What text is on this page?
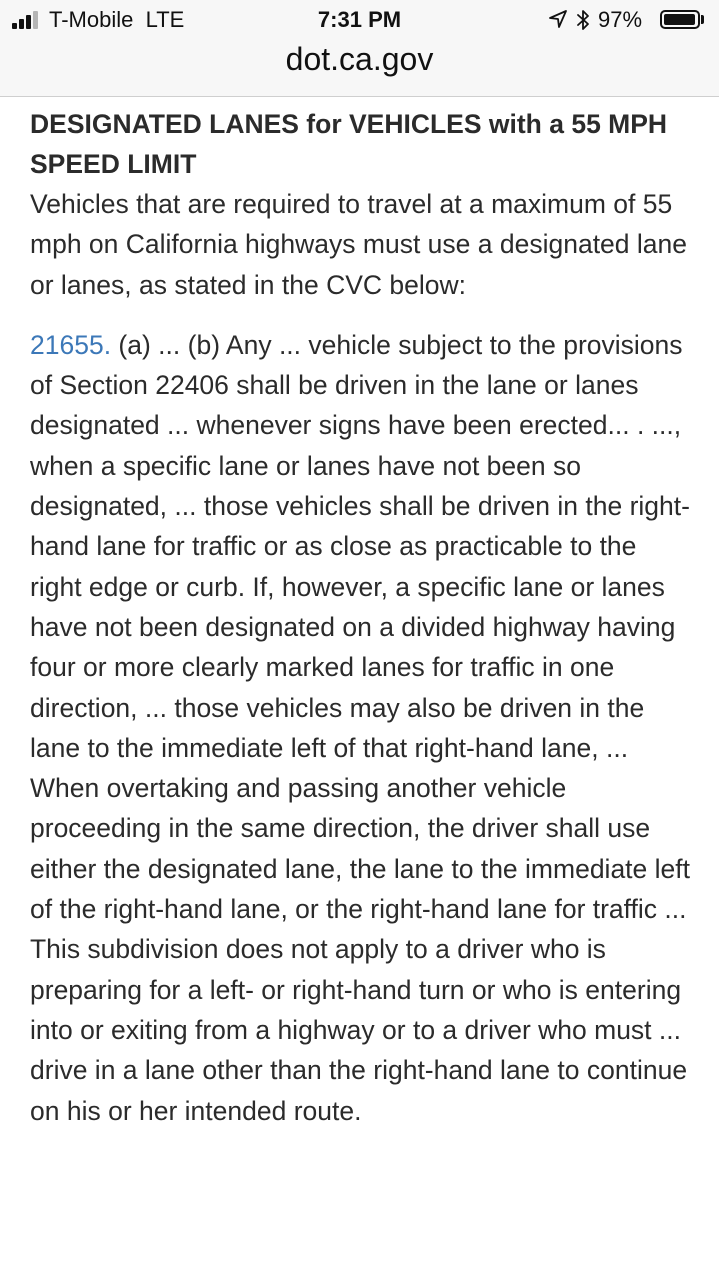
T-Mobile LTE	7:31 PM	97%
dot.ca.gov
DESIGNATED LANES for VEHICLES with a 55 MPH SPEED LIMIT

Vehicles that are required to travel at a maximum of 55 mph on California highways must use a designated lane or lanes, as stated in the CVC below:

21655. (a) ... (b) Any ... vehicle subject to the provisions of Section 22406 shall be driven in the lane or lanes designated ... whenever signs have been erected... . ..., when a specific lane or lanes have not been so designated, ... those vehicles shall be driven in the right-hand lane for traffic or as close as practicable to the right edge or curb. If, however, a specific lane or lanes have not been designated on a divided highway having four or more clearly marked lanes for traffic in one direction, ... those vehicles may also be driven in the lane to the immediate left of that right-hand lane, ... When overtaking and passing another vehicle proceeding in the same direction, the driver shall use either the designated lane, the lane to the immediate left of the right-hand lane, or the right-hand lane for traffic ... This subdivision does not apply to a driver who is preparing for a left- or right-hand turn or who is entering into or exiting from a highway or to a driver who must ... drive in a lane other than the right-hand lane to continue on his or her intended route.
